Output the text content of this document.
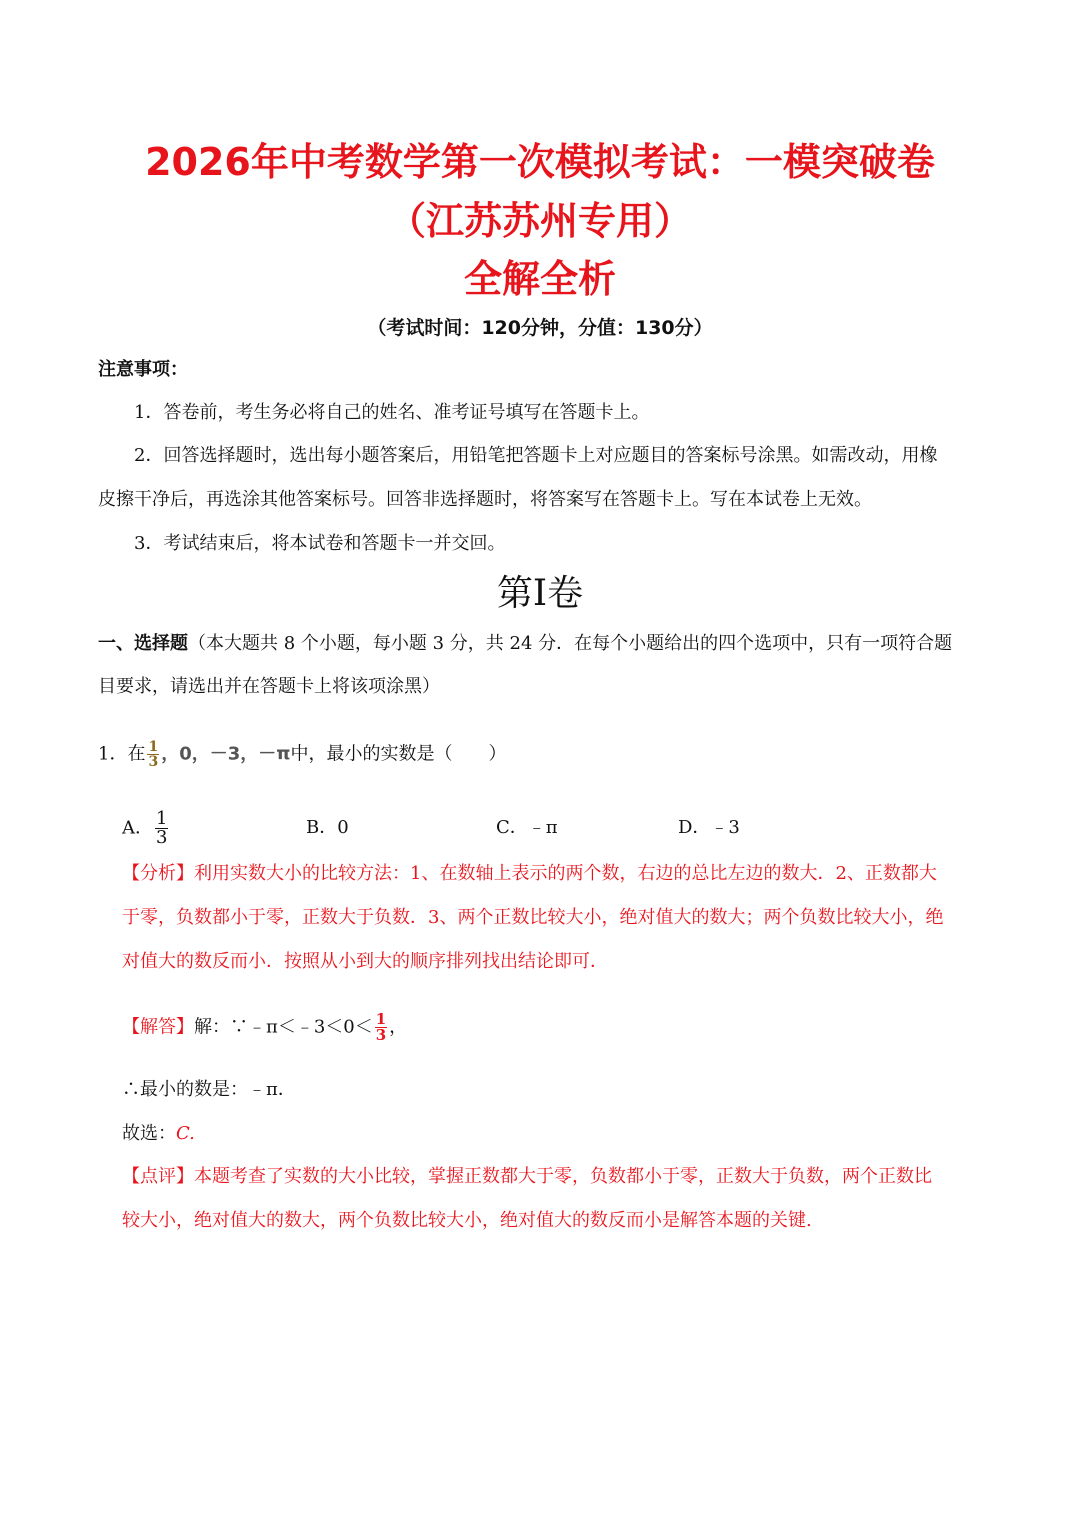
2026年中考数学第一次模拟考试：一模突破卷
（江苏苏州专用）
全解全析
（考试时间：120分钟，分值：130分）
注意事项：
1．答卷前，考生务必将自己的姓名、准考证号填写在答题卡上。
2．回答选择题时，选出每小题答案后，用铅笔把答题卡上对应题目的答案标号涂黑。如需改动，用橡
皮擦干净后，再选涂其他答案标号。回答非选择题时，将答案写在答题卡上。写在本试卷上无效。
3．考试结束后，将本试卷和答题卡一并交回。
第I卷
一、选择题（本大题共 8 个小题，每小题 3 分，共 24 分．在每个小题给出的四个选项中，只有一项符合题
目要求，请选出并在答题卡上将该项涂黑）
1．在 $\frac{1}{3}$ ，0，－3，－π中，最小的实数是（　　）
A． $\frac{1}{3}$	B．0	C．﹣π	D．﹣3
【分析】利用实数大小的比较方法：1、在数轴上表示的两个数，右边的总比左边的数大．2、正数都大
于零，负数都小于零，正数大于负数．3、两个正数比较大小，绝对值大的数大；两个负数比较大小，绝
对值大的数反而小．按照从小到大的顺序排列找出结论即可．
【解答】解：∵﹣π＜﹣3＜0＜ $\frac{1}{3}$ ，
∴最小的数是：﹣π．
故选：C.
【点评】本题考查了实数的大小比较，掌握正数都大于零，负数都小于零，正数大于负数，两个正数比
较大小，绝对值大的数大，两个负数比较大小，绝对值大的数反而小是解答本题的关键.
